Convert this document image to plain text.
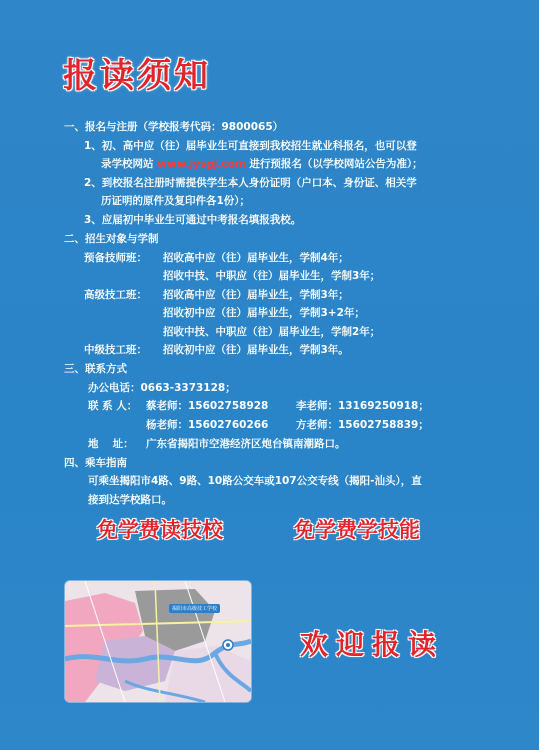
报读须知
一、报名与注册（学校报考代码：9800065）
1、初、高中应（往）届毕业生可直接到我校招生就业科报名，也可以登
录学校网站 www.jysgj.com 进行预报名（以学校网站公告为准）；
2、到校报名注册时需提供学生本人身份证明（户口本、身份证、相关学
历证明的原件及复印件各1份）；
3、应届初中毕业生可通过中考报名填报我校。
二、招生对象与学制
预备技师班： 招收高中应（往）届毕业生，学制4年；
招收中技、中职应（往）届毕业生，学制3年；
高级技工班： 招收高中应（往）届毕业生，学制3年；
招收初中应（往）届毕业生，学制3+2年；
招收中技、中职应（往）届毕业生，学制2年；
中级技工班： 招收初中应（往）届毕业生，学制3年。
三、联系方式
办公电话：0663-3373128；
联 系 人： 蔡老师：15602758928	李老师：13169250918；
杨老师：15602760266	方老师：15602758839；
地　 址： 广东省揭阳市空港经济区炮台镇南潮路口。
四、乘车指南
可乘坐揭阳市4路、9路、10路公交车或107公交专线（揭阳-汕头），直
接到达学校路口。
免学费读技校	免学费学技能
揭阳市高级技工学校
欢迎报读
